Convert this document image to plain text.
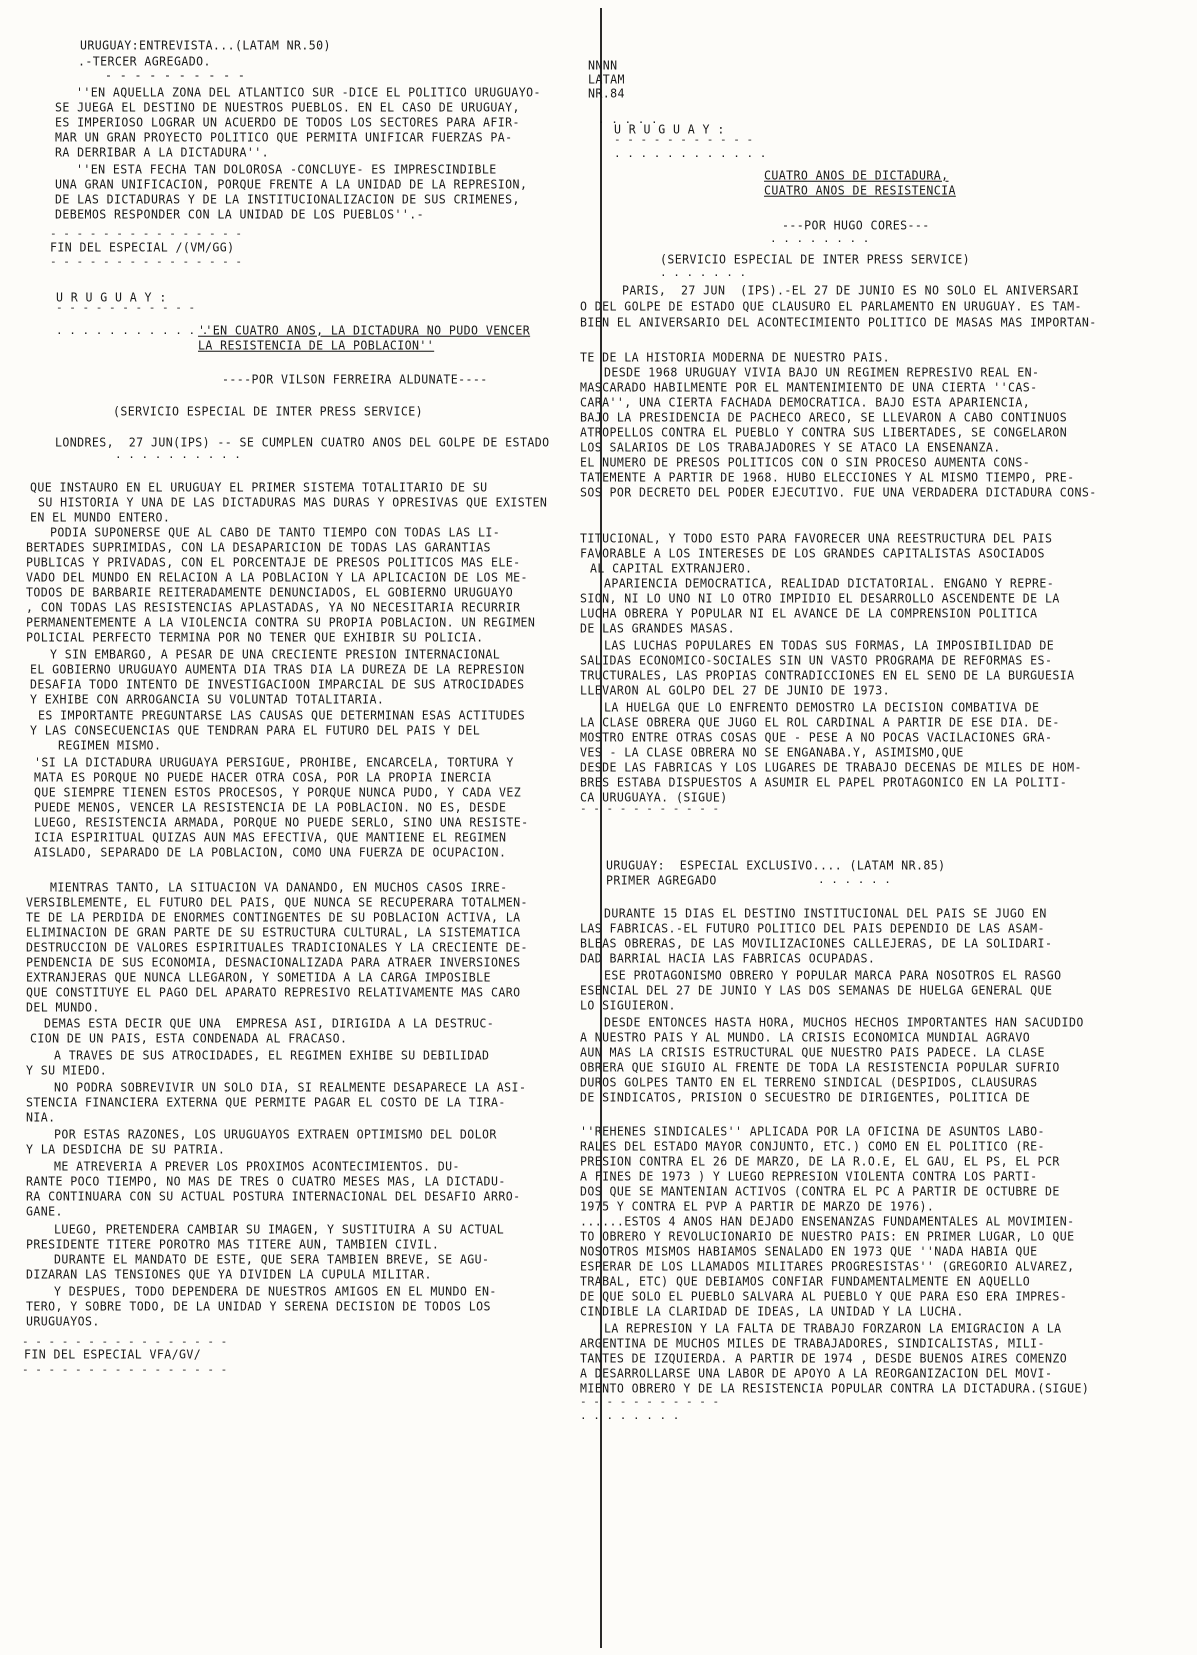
URUGUAY:ENTREVISTA...(LATAM NR.50)
.-TERCER AGREGADO.
- - - - - - - - - -
''EN AQUELLA ZONA DEL ATLANTICO SUR -DICE EL POLITICO URUGUAYO-
SE JUEGA EL DESTINO DE NUESTROS PUEBLOS. EN EL CASO DE URUGUAY,
ES IMPERIOSO LOGRAR UN ACUERDO DE TODOS LOS SECTORES PARA AFIR-
MAR UN GRAN PROYECTO POLITICO QUE PERMITA UNIFICAR FUERZAS PA-
RA DERRIBAR A LA DICTADURA''.
''EN ESTA FECHA TAN DOLOROSA -CONCLUYE- ES IMPRESCINDIBLE
UNA GRAN UNIFICACION, PORQUE FRENTE A LA UNIDAD DE LA REPRESION,
DE LAS DICTADURAS Y DE LA INSTITUCIONALIZACION DE SUS CRIMENES,
DEBEMOS RESPONDER CON LA UNIDAD DE LOS PUEBLOS''.-
FIN DEL ESPECIAL /(VM/GG)
U R U G U A Y :
''EN CUATRO ANOS, LA DICTADURA NO PUDO VENCER
LA RESISTENCIA DE LA POBLACION''
----POR VILSON FERREIRA ALDUNATE----
(SERVICIO ESPECIAL DE INTER PRESS SERVICE)
LONDRES,  27 JUN(IPS) -- SE CUMPLEN CUATRO ANOS DEL GOLPE DE ESTADO
QUE INSTAURO EN EL URUGUAY EL PRIMER SISTEMA TOTALITARIO DE SU
SU HISTORIA Y UNA DE LAS DICTADURAS MAS DURAS Y OPRESIVAS QUE EXISTEN
EN EL MUNDO ENTERO.
PODIA SUPONERSE QUE AL CABO DE TANTO TIEMPO CON TODAS LAS LI-
BERTADES SUPRIMIDAS, CON LA DESAPARICION DE TODAS LAS GARANTIAS
PUBLICAS Y PRIVADAS, CON EL PORCENTAJE DE PRESOS POLITICOS MAS ELE-
VADO DEL MUNDO EN RELACION A LA POBLACION Y LA APLICACION DE LOS ME-
TODOS DE BARBARIE REITERADAMENTE DENUNCIADOS, EL GOBIERNO URUGUAYO
, CON TODAS LAS RESISTENCIAS APLASTADAS, YA NO NECESITARIA RECURRIR
PERMANENTEMENTE A LA VIOLENCIA CONTRA SU PROPIA POBLACION. UN REGIMEN
POLICIAL PERFECTO TERMINA POR NO TENER QUE EXHIBIR SU POLICIA.
Y SIN EMBARGO, A PESAR DE UNA CRECIENTE PRESION INTERNACIONAL
EL GOBIERNO URUGUAYO AUMENTA DIA TRAS DIA LA DUREZA DE LA REPRESION
DESAFIA TODO INTENTO DE INVESTIGACIOON IMPARCIAL DE SUS ATROCIDADES
Y EXHIBE CON ARROGANCIA SU VOLUNTAD TOTALITARIA.
ES IMPORTANTE PREGUNTARSE LAS CAUSAS QUE DETERMINAN ESAS ACTITUDES
Y LAS CONSECUENCIAS QUE TENDRAN PARA EL FUTURO DEL PAIS Y DEL
REGIMEN MISMO.
'SI LA DICTADURA URUGUAYA PERSIGUE, PROHIBE, ENCARCELA, TORTURA Y
MATA ES PORQUE NO PUEDE HACER OTRA COSA, POR LA PROPIA INERCIA
QUE SIEMPRE TIENEN ESTOS PROCESOS, Y PORQUE NUNCA PUDO, Y CADA VEZ
PUEDE MENOS, VENCER LA RESISTENCIA DE LA POBLACION. NO ES, DESDE
LUEGO, RESISTENCIA ARMADA, PORQUE NO PUEDE SERLO, SINO UNA RESISTE-
ICIA ESPIRITUAL QUIZAS AUN MAS EFECTIVA, QUE MANTIENE EL REGIMEN
AISLADO, SEPARADO DE LA POBLACION, COMO UNA FUERZA DE OCUPACION.
MIENTRAS TANTO, LA SITUACION VA DANANDO, EN MUCHOS CASOS IRRE-
VERSIBLEMENTE, EL FUTURO DEL PAIS, QUE NUNCA SE RECUPERARA TOTALMEN-
TE DE LA PERDIDA DE ENORMES CONTINGENTES DE SU POBLACION ACTIVA, LA
ELIMINACION DE GRAN PARTE DE SU ESTRUCTURA CULTURAL, LA SISTEMATICA
DESTRUCCION DE VALORES ESPIRITUALES TRADICIONALES Y LA CRECIENTE DE-
PENDENCIA DE SUS ECONOMIA, DESNACIONALIZADA PARA ATRAER INVERSIONES
EXTRANJERAS QUE NUNCA LLEGARON, Y SOMETIDA A LA CARGA IMPOSIBLE
QUE CONSTITUYE EL PAGO DEL APARATO REPRESIVO RELATIVAMENTE MAS CARO
DEL MUNDO.
DEMAS ESTA DECIR QUE UNA  EMPRESA ASI, DIRIGIDA A LA DESTRUC-
CION DE UN PAIS, ESTA CONDENADA AL FRACASO.
A TRAVES DE SUS ATROCIDADES, EL REGIMEN EXHIBE SU DEBILIDAD
Y SU MIEDO.
NO PODRA SOBREVIVIR UN SOLO DIA, SI REALMENTE DESAPARECE LA ASI-
STENCIA FINANCIERA EXTERNA QUE PERMITE PAGAR EL COSTO DE LA TIRA-
NIA.
POR ESTAS RAZONES, LOS URUGUAYOS EXTRAEN OPTIMISMO DEL DOLOR
Y LA DESDICHA DE SU PATRIA.
ME ATREVERIA A PREVER LOS PROXIMOS ACONTECIMIENTOS. DU-
RANTE POCO TIEMPO, NO MAS DE TRES O CUATRO MESES MAS, LA DICTADU-
RA CONTINUARA CON SU ACTUAL POSTURA INTERNACIONAL DEL DESAFIO ARRO-
GANE.
LUEGO, PRETENDERA CAMBIAR SU IMAGEN, Y SUSTITUIRA A SU ACTUAL
PRESIDENTE TITERE POROTRO MAS TITERE AUN, TAMBIEN CIVIL.
DURANTE EL MANDATO DE ESTE, QUE SERA TAMBIEN BREVE, SE AGU-
DIZARAN LAS TENSIONES QUE YA DIVIDEN LA CUPULA MILITAR.
Y DESPUES, TODO DEPENDERA DE NUESTROS AMIGOS EN EL MUNDO EN-
TERO, Y SOBRE TODO, DE LA UNIDAD Y SERENA DECISION DE TODOS LOS
URUGUAYOS.
FIN DEL ESPECIAL VFA/GV/
- - - - - - - - - - - - - - -
- - - - - - - - - - - - - - -
- - - - - - - - - - -
. . . . . . . . . . . . .
. . . . . . . . . .
- - - - - - - - - - - - - - - -
- - - - - - - - - - - - - - - -
NNNN
LATAM
NR.84
U R U G U A Y :
CUATRO ANOS DE DICTADURA,
CUATRO ANOS DE RESISTENCIA
---POR HUGO CORES---
(SERVICIO ESPECIAL DE INTER PRESS SERVICE)
PARIS,  27 JUN  (IPS).-EL 27 DE JUNIO ES NO SOLO EL ANIVERSARI
O DEL GOLPE DE ESTADO QUE CLAUSURO EL PARLAMENTO EN URUGUAY. ES TAM-
BIEN EL ANIVERSARIO DEL ACONTECIMIENTO POLITICO DE MASAS MAS IMPORTAN-
TE DE LA HISTORIA MODERNA DE NUESTRO PAIS.
DESDE 1968 URUGUAY VIVIA BAJO UN REGIMEN REPRESIVO REAL EN-
MASCARADO HABILMENTE POR EL MANTENIMIENTO DE UNA CIERTA ''CAS-
CARA'', UNA CIERTA FACHADA DEMOCRATICA. BAJO ESTA APARIENCIA,
BAJO LA PRESIDENCIA DE PACHECO ARECO, SE LLEVARON A CABO CONTINUOS
ATROPELLOS CONTRA EL PUEBLO Y CONTRA SUS LIBERTADES, SE CONGELARON
LOS SALARIOS DE LOS TRABAJADORES Y SE ATACO LA ENSENANZA.
EL NUMERO DE PRESOS POLITICOS CON O SIN PROCESO AUMENTA CONS-
TATEMENTE A PARTIR DE 1968. HUBO ELECCIONES Y AL MISMO TIEMPO, PRE-
SOS POR DECRETO DEL PODER EJECUTIVO. FUE UNA VERDADERA DICTADURA CONS-
TITUCIONAL, Y TODO ESTO PARA FAVORECER UNA REESTRUCTURA DEL PAIS
FAVORABLE A LOS INTERESES DE LOS GRANDES CAPITALISTAS ASOCIADOS
AL CAPITAL EXTRANJERO.
APARIENCIA DEMOCRATICA, REALIDAD DICTATORIAL. ENGANO Y REPRE-
SION, NI LO UNO NI LO OTRO IMPIDIO EL DESARROLLO ASCENDENTE DE LA
LUCHA OBRERA Y POPULAR NI EL AVANCE DE LA COMPRENSION POLITICA
DE LAS GRANDES MASAS.
LAS LUCHAS POPULARES EN TODAS SUS FORMAS, LA IMPOSIBILIDAD DE
SALIDAS ECONOMICO-SOCIALES SIN UN VASTO PROGRAMA DE REFORMAS ES-
TRUCTURALES, LAS PROPIAS CONTRADICCIONES EN EL SENO DE LA BURGUESIA
LLEVARON AL GOLPO DEL 27 DE JUNIO DE 1973.
LA HUELGA QUE LO ENFRENTO DEMOSTRO LA DECISION COMBATIVA DE
LA CLASE OBRERA QUE JUGO EL ROL CARDINAL A PARTIR DE ESE DIA. DE-
MOSTRO ENTRE OTRAS COSAS QUE - PESE A NO POCAS VACILACIONES GRA-
VES - LA CLASE OBRERA NO SE ENGANABA.Y, ASIMISMO,QUE
DESDE LAS FABRICAS Y LOS LUGARES DE TRABAJO DECENAS DE MILES DE HOM-
BRES ESTABA DISPUESTOS A ASUMIR EL PAPEL PROTAGONICO EN LA POLITI-
CA URUGUAYA. (SIGUE)
URUGUAY:  ESPECIAL EXCLUSIVO.... (LATAM NR.85)
PRIMER AGREGADO
DURANTE 15 DIAS EL DESTINO INSTITUCIONAL DEL PAIS SE JUGO EN
LAS FABRICAS.-EL FUTURO POLITICO DEL PAIS DEPENDIO DE LAS ASAM-
BLEAS OBRERAS, DE LAS MOVILIZACIONES CALLEJERAS, DE LA SOLIDARI-
DAD BARRIAL HACIA LAS FABRICAS OCUPADAS.
ESE PROTAGONISMO OBRERO Y POPULAR MARCA PARA NOSOTROS EL RASGO
ESENCIAL DEL 27 DE JUNIO Y LAS DOS SEMANAS DE HUELGA GENERAL QUE
LO SIGUIERON.
DESDE ENTONCES HASTA HORA, MUCHOS HECHOS IMPORTANTES HAN SACUDIDO
A NUESTRO PAIS Y AL MUNDO. LA CRISIS ECONOMICA MUNDIAL AGRAVO
AUN MAS LA CRISIS ESTRUCTURAL QUE NUESTRO PAIS PADECE. LA CLASE
OBRERA QUE SIGUIO AL FRENTE DE TODA LA RESISTENCIA POPULAR SUFRIO
DUROS GOLPES TANTO EN EL TERRENO SINDICAL (DESPIDOS, CLAUSURAS
DE SINDICATOS, PRISION O SECUESTRO DE DIRIGENTES, POLITICA DE
''REHENES SINDICALES'' APLICADA POR LA OFICINA DE ASUNTOS LABO-
RALES DEL ESTADO MAYOR CONJUNTO, ETC.) COMO EN EL POLITICO (RE-
PRESION CONTRA EL 26 DE MARZO, DE LA R.O.E, EL GAU, EL PS, EL PCR
A FINES DE 1973 ) Y LUEGO REPRESION VIOLENTA CONTRA LOS PARTI-
DOS QUE SE MANTENIAN ACTIVOS (CONTRA EL PC A PARTIR DE OCTUBRE DE
1975 Y CONTRA EL PVP A PARTIR DE MARZO DE 1976).
......ESTOS 4 ANOS HAN DEJADO ENSENANZAS FUNDAMENTALES AL MOVIMIEN-
TO OBRERO Y REVOLUCIONARIO DE NUESTRO PAIS: EN PRIMER LUGAR, LO QUE
NOSOTROS MISMOS HABIAMOS SENALADO EN 1973 QUE ''NADA HABIA QUE
ESPERAR DE LOS LLAMADOS MILITARES PROGRESISTAS'' (GREGORIO ALVAREZ,
TRABAL, ETC) QUE DEBIAMOS CONFIAR FUNDAMENTALMENTE EN AQUELLO
DE QUE SOLO EL PUEBLO SALVARA AL PUEBLO Y QUE PARA ESO ERA IMPRES-
CINDIBLE LA CLARIDAD DE IDEAS, LA UNIDAD Y LA LUCHA.
LA REPRESION Y LA FALTA DE TRABAJO FORZARON LA EMIGRACION A LA
ARGENTINA DE MUCHOS MILES DE TRABAJADORES, SINDICALISTAS, MILI-
TANTES DE IZQUIERDA. A PARTIR DE 1974 , DESDE BUENOS AIRES COMENZO
A DESARROLLARSE UNA LABOR DE APOYO A LA REORGANIZACION DEL MOVI-
MIENTO OBRERO Y DE LA RESISTENCIA POPULAR CONTRA LA DICTADURA.(SIGUE)
. . . . .
- - - - - - - - - - -
. . . . . . . . . . . .
. . . . . . . .
. . . . . . .
- - - - - - - - - - -
. . . . . .
- - - - - - - - - - -
. . . . . . . .
